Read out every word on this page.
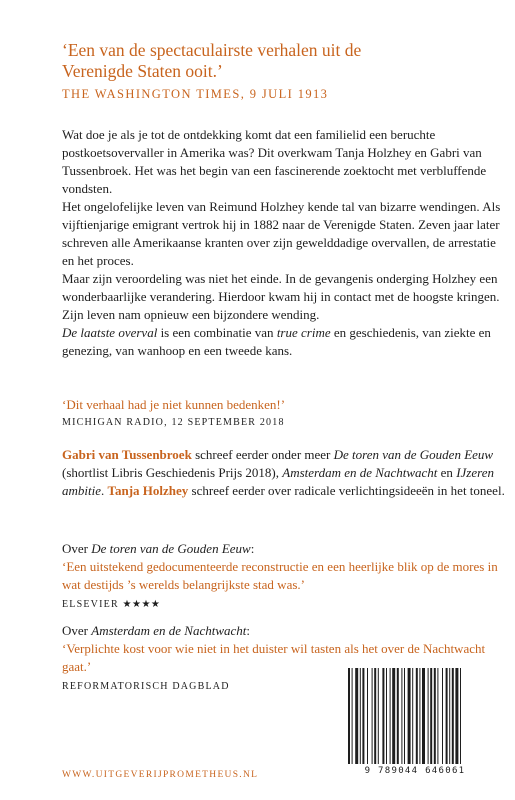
‘Een van de spectaculairste verhalen uit de
Verenigde Staten ooit.’
THE WASHINGTON TIMES, 9 JULI 1913

Wat doe je als je tot de ontdekking komt dat een familielid een beruchte postkoetsovervaller in Amerika was? Dit overkwam Tanja Holzhey en Gabri van Tussenbroek. Het was het begin van een fascinerende zoektocht met verbluffende vondsten.

Het ongelofelijke leven van Reimund Holzhey kende tal van bizarre wendingen. Als vijftienjarige emigrant vertrok hij in 1882 naar de Verenigde Staten. Zeven jaar later schreven alle Amerikaanse kranten over zijn gewelddadige overvallen, de arrestatie en het proces.

Maar zijn veroordeling was niet het einde. In de gevangenis onderging Holzhey een wonderbaarlijke verandering. Hierdoor kwam hij in contact met de hoogste kringen. Zijn leven nam opnieuw een bijzondere wending.

De laatste overval is een combinatie van true crime en geschiedenis, van ziekte en genezing, van wanhoop en een tweede kans.

‘Dit verhaal had je niet kunnen bedenken!’
MICHIGAN RADIO, 12 SEPTEMBER 2018
Gabri van Tussenbroek schreef eerder onder meer De toren van de Gouden Eeuw (shortlist Libris Geschiedenis Prijs 2018), Amsterdam en de Nachtwacht en IJzeren ambitie. Tanja Holzhey schreef eerder over radicale verlichtingsideeën in het toneel.
Over De toren van de Gouden Eeuw:
‘Een uitstekend gedocumenteerde reconstructie en een heerlijke blik op de mores in wat destijds ’s werelds belangrijkste stad was.’
ELSEVIER ★★★★
Over Amsterdam en de Nachtwacht:
‘Verplichte kost voor wie niet in het duister wil tasten als het over de Nachtwacht gaat.’
REFORMATORISCH DAGBLAD
WWW.UITGEVERIJPROMETHEUS.NL	9 789044 646061
